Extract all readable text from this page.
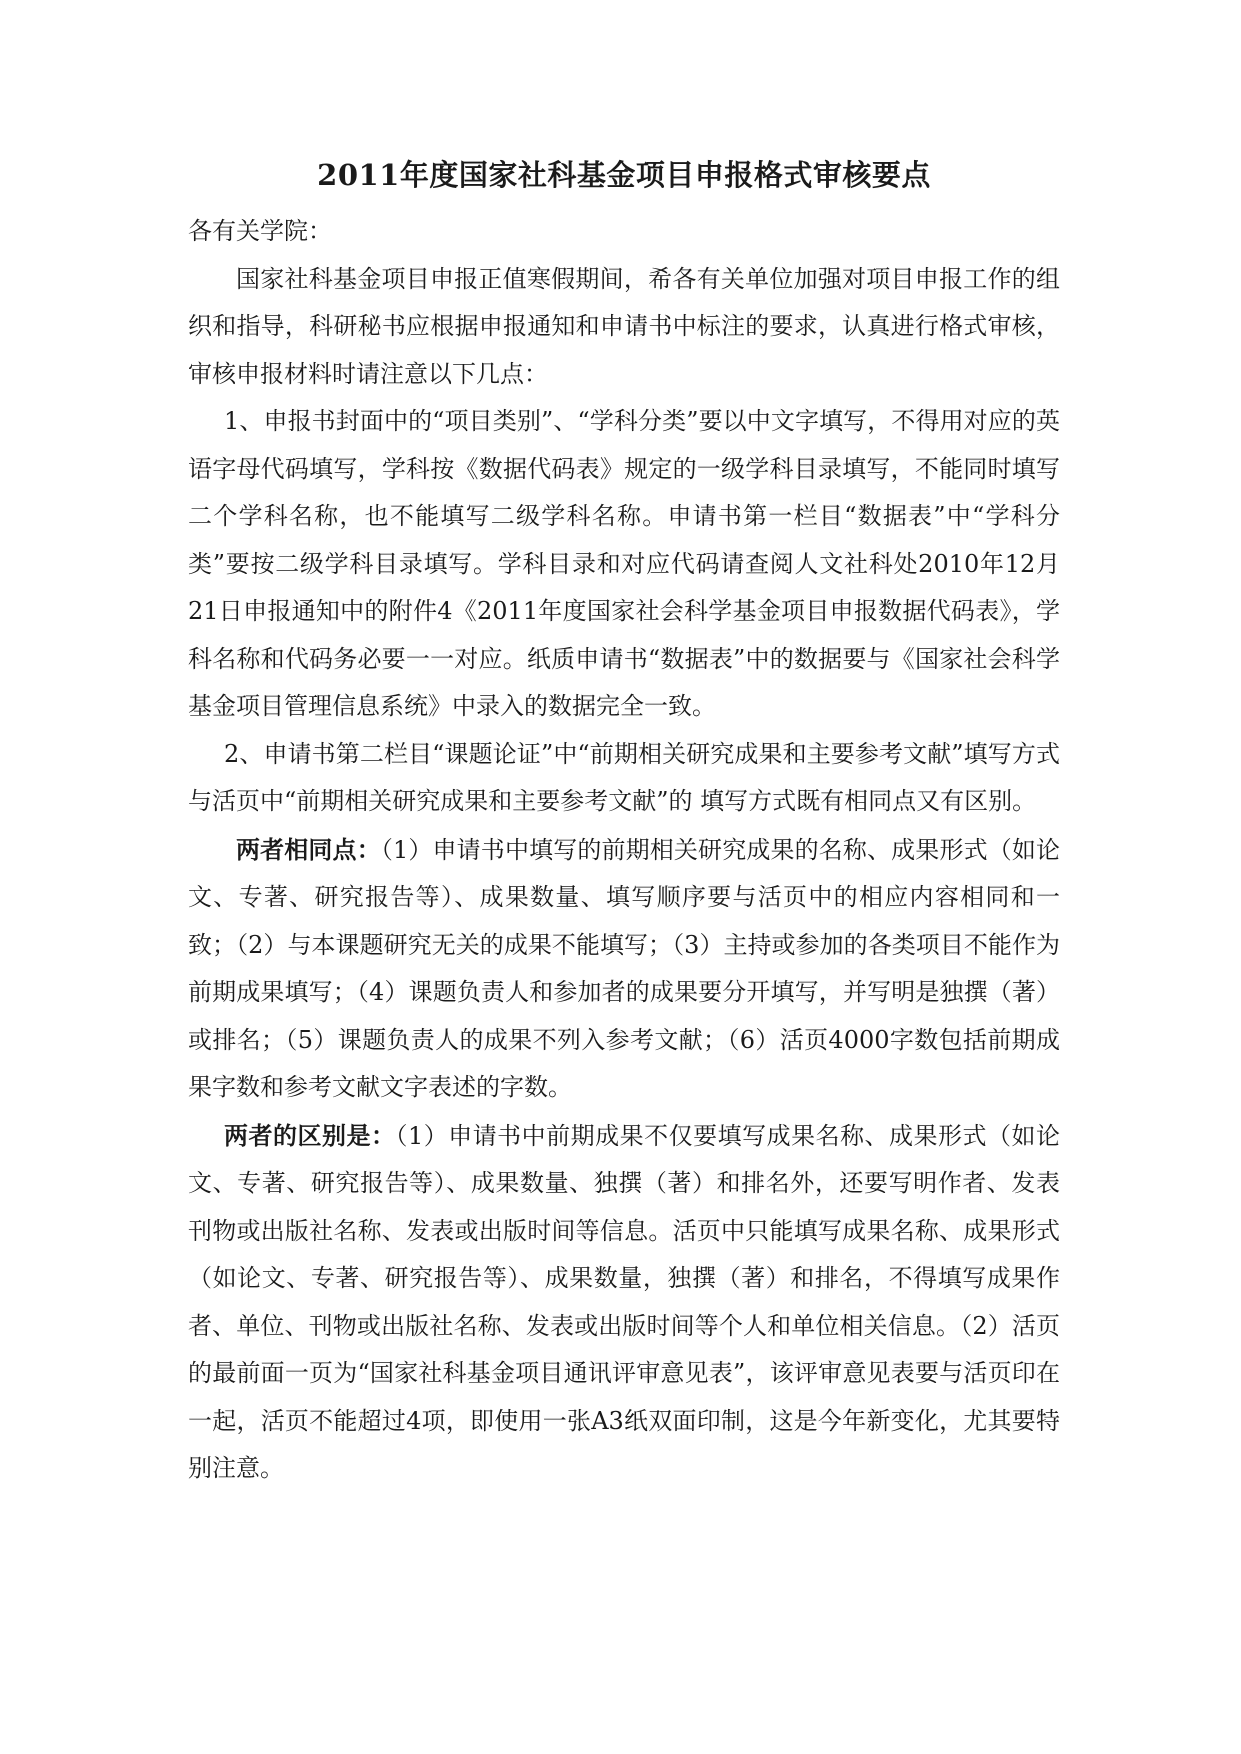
2011年度国家社科基金项目申报格式审核要点
各有关学院：

国家社科基金项目申报正值寒假期间，希各有关单位加强对项目申报工作的组织和指导，科研秘书应根据申报通知和申请书中标注的要求，认真进行格式审核，审核申报材料时请注意以下几点：

1、申报书封面中的“项目类别”、“学科分类”要以中文字填写，不得用对应的英语字母代码填写，学科按《数据代码表》规定的一级学科目录填写，不能同时填写二个学科名称，也不能填写二级学科名称。申请书第一栏目“数据表”中“学科分类”要按二级学科目录填写。学科目录和对应代码请查阅人文社科处2010年12月21日申报通知中的附件4《2011年度国家社会科学基金项目申报数据代码表》，学科名称和代码务必要一一对应。纸质申请书“数据表”中的数据要与《国家社会科学基金项目管理信息系统》中录入的数据完全一致。

2、申请书第二栏目“课题论证”中“前期相关研究成果和主要参考文献”填写方式与活页中“前期相关研究成果和主要参考文献”的 填写方式既有相同点又有区别。

两者相同点：（1）申请书中填写的前期相关研究成果的名称、成果形式（如论文、专著、研究报告等）、成果数量、填写顺序要与活页中的相应内容相同和一致；（2）与本课题研究无关的成果不能填写；（3）主持或参加的各类项目不能作为前期成果填写；（4）课题负责人和参加者的成果要分开填写，并写明是独撰（著）或排名；（5）课题负责人的成果不列入参考文献；（6）活页4000字数包括前期成果字数和参考文献文字表述的字数。

两者的区别是：（1）申请书中前期成果不仅要填写成果名称、成果形式（如论文、专著、研究报告等）、成果数量、独撰（著）和排名外，还要写明作者、发表刊物或出版社名称、发表或出版时间等信息。活页中只能填写成果名称、成果形式（如论文、专著、研究报告等）、成果数量，独撰（著）和排名，不得填写成果作者、单位、刊物或出版社名称、发表或出版时间等个人和单位相关信息。（2）活页的最前面一页为“国家社科基金项目通讯评审意见表”，该评审意见表要与活页印在一起，活页不能超过4项，即使用一张A3纸双面印制，这是今年新变化，尤其要特别注意。
